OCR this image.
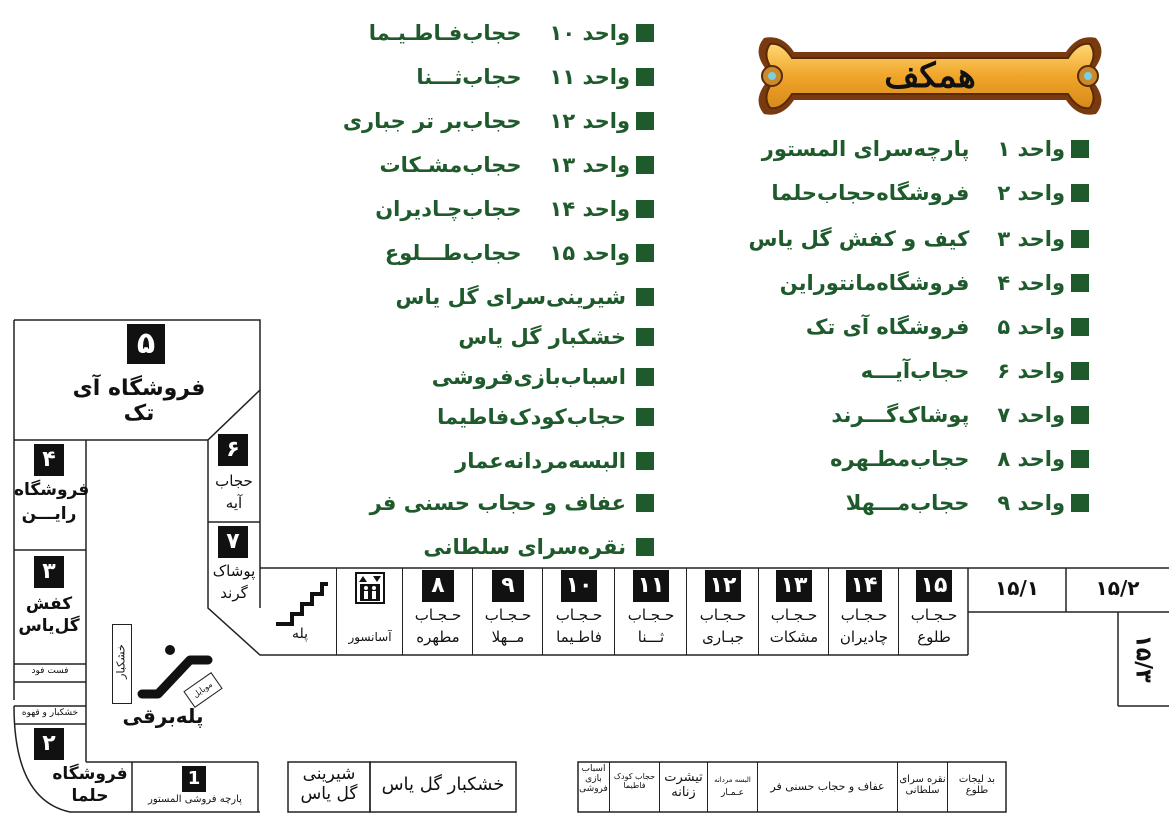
همکف
واحد ۱
پارچه‌سرای المستور
واحد ۲
فروشگاه‌حجاب‌حلما
واحد ۳
کیف و کفش گل یاس
واحد ۴
فروشگاه‌مانتو‌راین
واحد ۵
فروشگاه آی تک
واحد ۶
حجاب‌آیـــه
واحد ۷
پوشاک‌گـــرند
واحد ۸
حجاب‌مطـهره
واحد ۹
حجاب‌مـــهلا
واحد ۱۰
حجاب‌فـاطـیـما
واحد ۱۱
حجاب‌ثـــنا
واحد ۱۲
حجاب‌بر تر جباری
واحد ۱۳
حجاب‌مشـکات
واحد ۱۴
حجاب‌چـادیران
واحد ۱۵
حجاب‌طـــلوع
شیرینی‌سرای گل یاس
خشکبار گل یاس
اسباب‌بازی‌فروشی
حجاب‌کودک‌فاطیما
البسه‌مردانه‌عمار
عفاف و حجاب حسنی فر
نقره‌سرای سلطانی
۵
فروشگاه آی تک
۴
فروشگاه
رایـــن
۳
کفش
گل‌یاس
فست فود
خشکبار و قهوه
۲
فروشگاه
حلما
1
پارچه فروشی المستور
۶
حجاب
آیه
۷
پوشاک
گرند
خشکبار
موبایل
پله‌برقی
پله	آسانسور
۸
حـجـاب
مطهره
۹
حـجـاب
مــهلا
۱۰
حـجـاب
فاطـیما
۱۱
حـجـاب
ثـــنا
۱۲
حـجـاب
جبـاری
۱۳
حـجـاب
مشکات
۱۴
حـجـاب
چادیران
۱۵
حـجـاب
طلوع
۱۵/۱	۱۵/۲
۱۵/۳
شیرینی
گل یاس	خشکبار گل یاس
اسباب
بازی
فروشی
حجاب کودک
فاطیما
تیشرت
زنانه
البسه مردانه
عـمـار	عفاف و حجاب حسنی فر
نقره سرای
سلطانی
بد لیجات
طلوع
